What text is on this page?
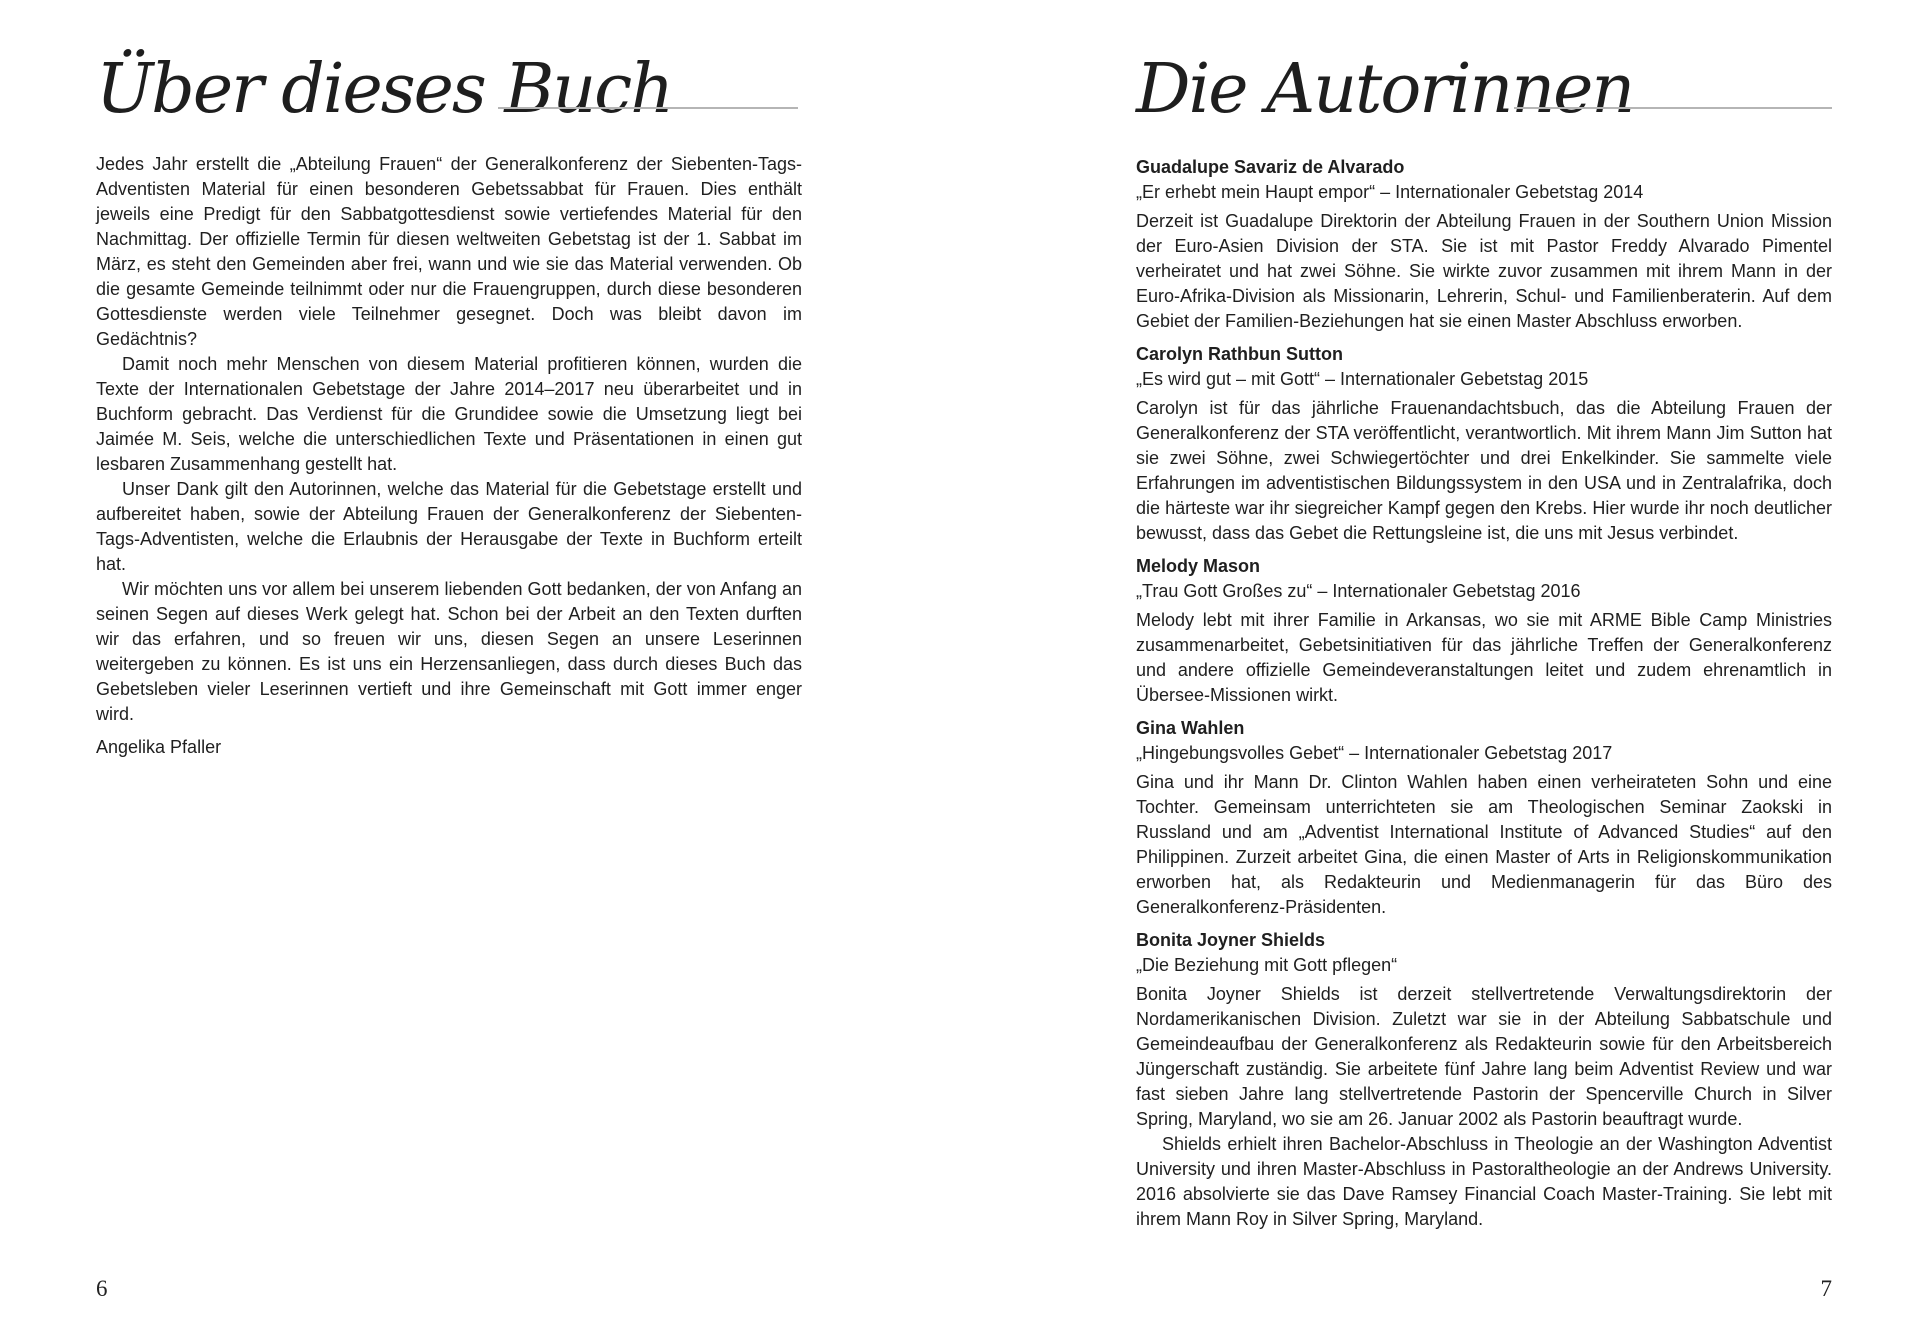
Über dieses Buch

Jedes Jahr erstellt die „Abteilung Frauen“ der Generalkonferenz der Siebenten-Tags-Adventisten Material für einen besonderen Gebetssabbat für Frauen. Dies enthält jeweils eine Predigt für den Sabbatgottesdienst sowie vertiefendes Material für den Nachmittag. Der offizielle Termin für diesen weltweiten Gebetstag ist der 1. Sabbat im März, es steht den Gemeinden aber frei, wann und wie sie das Material verwenden. Ob die gesamte Gemeinde teilnimmt oder nur die Frauengruppen, durch diese besonderen Gottesdienste werden viele Teilnehmer gesegnet. Doch was bleibt davon im Gedächtnis?

Damit noch mehr Menschen von diesem Material profitieren können, wurden die Texte der Internationalen Gebetstage der Jahre 2014–2017 neu überarbeitet und in Buchform gebracht. Das Verdienst für die Grundidee sowie die Umsetzung liegt bei Jaimée M. Seis, welche die unterschiedlichen Texte und Präsentationen in einen gut lesbaren Zusammenhang gestellt hat.

Unser Dank gilt den Autorinnen, welche das Material für die Gebetstage erstellt und aufbereitet haben, sowie der Abteilung Frauen der Generalkonferenz der Siebenten-Tags-Adventisten, welche die Erlaubnis der Herausgabe der Texte in Buchform erteilt hat.

Wir möchten uns vor allem bei unserem liebenden Gott bedanken, der von Anfang an seinen Segen auf dieses Werk gelegt hat. Schon bei der Arbeit an den Texten durften wir das erfahren, und so freuen wir uns, diesen Segen an unsere Leserinnen weitergeben zu können. Es ist uns ein Herzensanliegen, dass durch dieses Buch das Gebetsleben vieler Leserinnen vertieft und ihre Gemeinschaft mit Gott immer enger wird.

Angelika Pfaller

6
Die Autorinnen
Guadalupe Savariz de Alvarado
„Er erhebt mein Haupt empor“ – Internationaler Gebetstag 2014

Derzeit ist Guadalupe Direktorin der Abteilung Frauen in der Southern Union Mission der Euro-Asien Division der STA. Sie ist mit Pastor Freddy Alvarado Pimentel verheiratet und hat zwei Söhne. Sie wirkte zuvor zusammen mit ihrem Mann in der Euro-Afrika-Division als Missionarin, Lehrerin, Schul- und Familienberaterin. Auf dem Gebiet der Familien-Beziehungen hat sie einen Master Abschluss erworben.

Carolyn Rathbun Sutton
„Es wird gut – mit Gott“ – Internationaler Gebetstag 2015

Carolyn ist für das jährliche Frauenandachtsbuch, das die Abteilung Frauen der Generalkonferenz der STA veröffentlicht, verantwortlich. Mit ihrem Mann Jim Sutton hat sie zwei Söhne, zwei Schwiegertöchter und drei Enkelkinder. Sie sammelte viele Erfahrungen im adventistischen Bildungssystem in den USA und in Zentralafrika, doch die härteste war ihr siegreicher Kampf gegen den Krebs. Hier wurde ihr noch deutlicher bewusst, dass das Gebet die Rettungsleine ist, die uns mit Jesus verbindet.

Melody Mason
„Trau Gott Großes zu“ – Internationaler Gebetstag 2016

Melody lebt mit ihrer Familie in Arkansas, wo sie mit ARME Bible Camp Ministries zusammenarbeitet, Gebetsinitiativen für das jährliche Treffen der Generalkonferenz und andere offizielle Gemeindeveranstaltungen leitet und zudem ehrenamtlich in Übersee-Missionen wirkt.

Gina Wahlen
„Hingebungsvolles Gebet“ – Internationaler Gebetstag 2017

Gina und ihr Mann Dr. Clinton Wahlen haben einen verheirateten Sohn und eine Tochter. Gemeinsam unterrichteten sie am Theologischen Seminar Zaokski in Russland und am „Adventist International Institute of Advanced Studies“ auf den Philippinen. Zurzeit arbeitet Gina, die einen Master of Arts in Religionskommunikation erworben hat, als Redakteurin und Medienmanagerin für das Büro des Generalkonferenz-Präsidenten.

Bonita Joyner Shields
„Die Beziehung mit Gott pflegen“

Bonita Joyner Shields ist derzeit stellvertretende Verwaltungsdirektorin der Nordamerikanischen Division. Zuletzt war sie in der Abteilung Sabbatschule und Gemeindeaufbau der Generalkonferenz als Redakteurin sowie für den Arbeitsbereich Jüngerschaft zuständig. Sie arbeitete fünf Jahre lang beim Adventist Review und war fast sieben Jahre lang stellvertretende Pastorin der Spencerville Church in Silver Spring, Maryland, wo sie am 26. Januar 2002 als Pastorin beauftragt wurde.

Shields erhielt ihren Bachelor-Abschluss in Theologie an der Washington Adventist University und ihren Master-Abschluss in Pastoraltheologie an der Andrews University. 2016 absolvierte sie das Dave Ramsey Financial Coach Master-Training. Sie lebt mit ihrem Mann Roy in Silver Spring, Maryland.

7
